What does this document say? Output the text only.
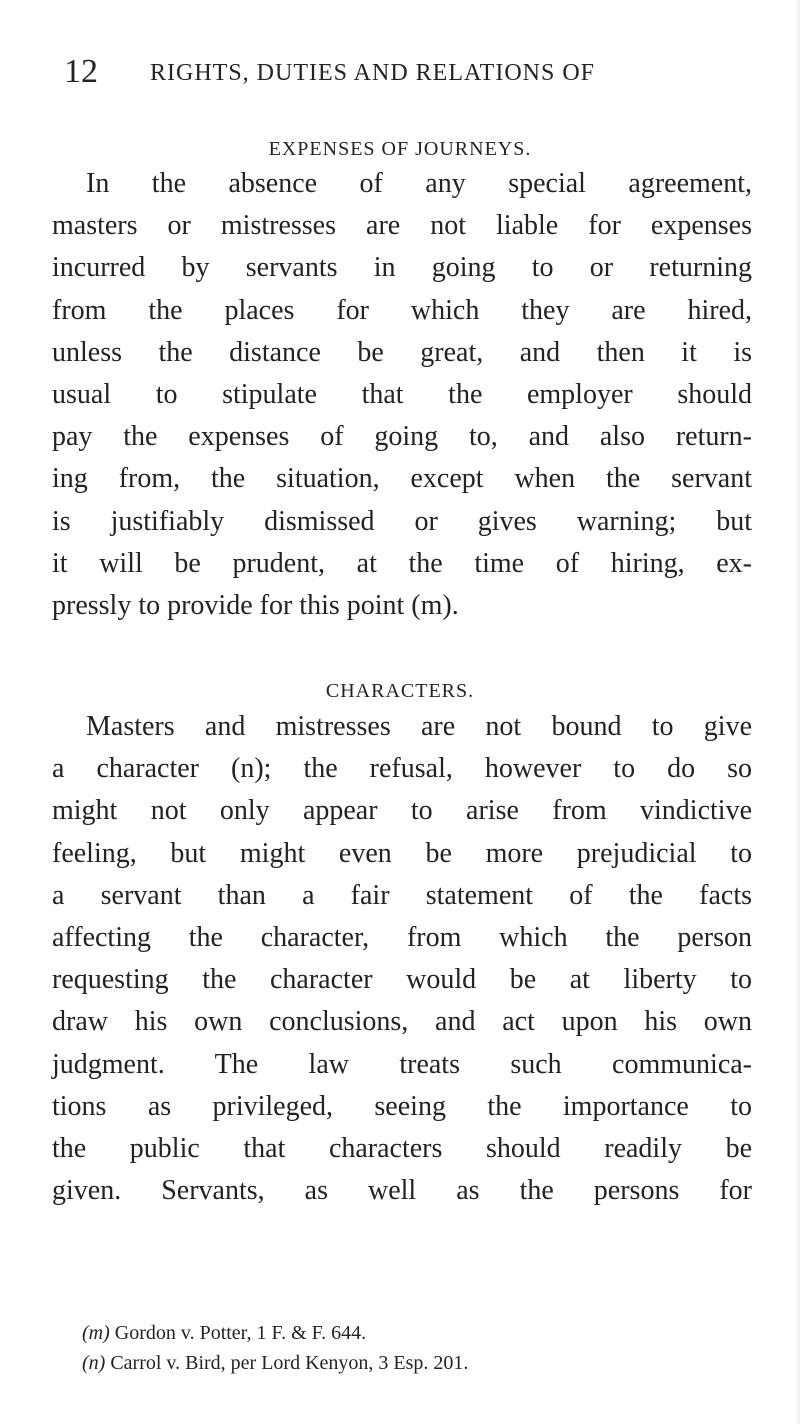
12 RIGHTS, DUTIES AND RELATIONS OF
EXPENSES OF JOURNEYS.
In the absence of any special agreement,
masters or mistresses are not liable for expenses
incurred by servants in going to or returning
from the places for which they are hired,
unless the distance be great, and then it is
usual to stipulate that the employer should
pay the expenses of going to, and also return-
ing from, the situation, except when the servant
is justifiably dismissed or gives warning; but
it will be prudent, at the time of hiring, ex-
pressly to provide for this point (m).
CHARACTERS.
Masters and mistresses are not bound to give
a character (n); the refusal, however to do so
might not only appear to arise from vindictive
feeling, but might even be more prejudicial to
a servant than a fair statement of the facts
affecting the character, from which the person
requesting the character would be at liberty to
draw his own conclusions, and act upon his own
judgment. The law treats such communica-
tions as privileged, seeing the importance to
the public that characters should readily be
given. Servants, as well as the persons for
(m) Gordon v. Potter, 1 F. & F. 644.
(n) Carrol v. Bird, per Lord Kenyon, 3 Esp. 201.
